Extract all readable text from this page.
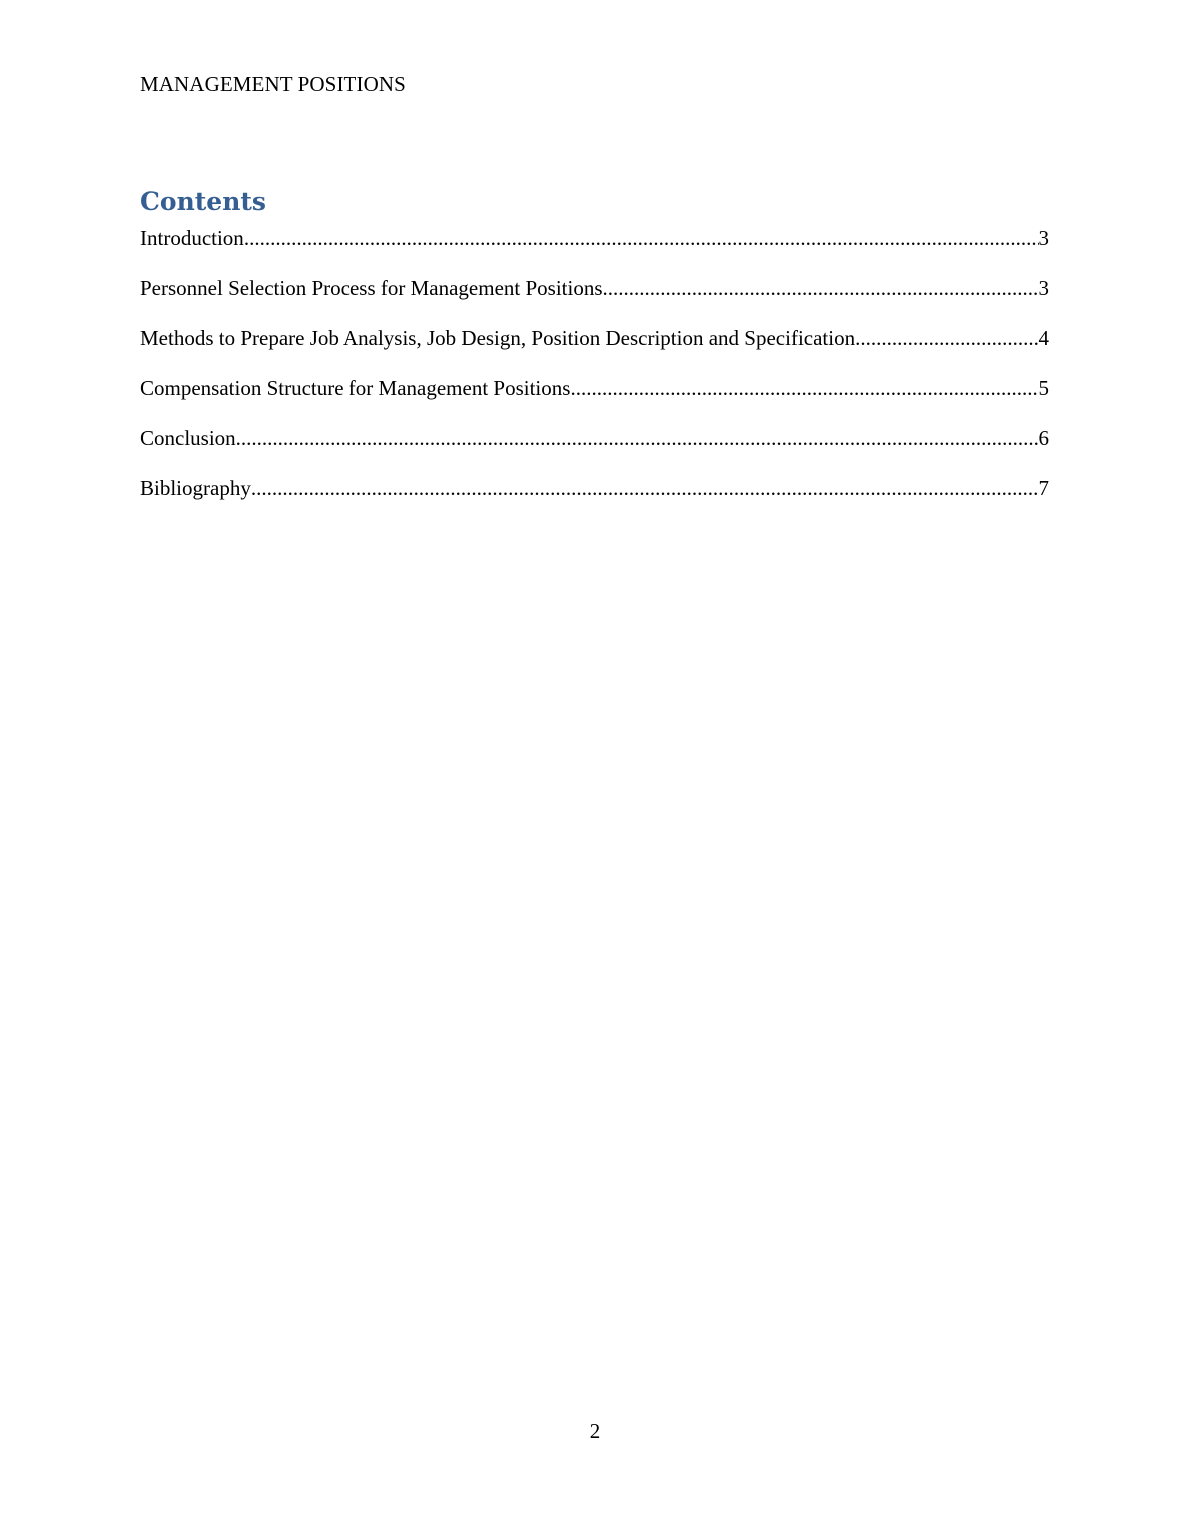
MANAGEMENT POSITIONS
Contents
Introduction .....	3
Personnel Selection Process for Management Positions .....	3
Methods to Prepare Job Analysis, Job Design, Position Description and Specification .....	4
Compensation Structure for Management Positions .....	5
Conclusion .....	6
Bibliography .....	7
2
